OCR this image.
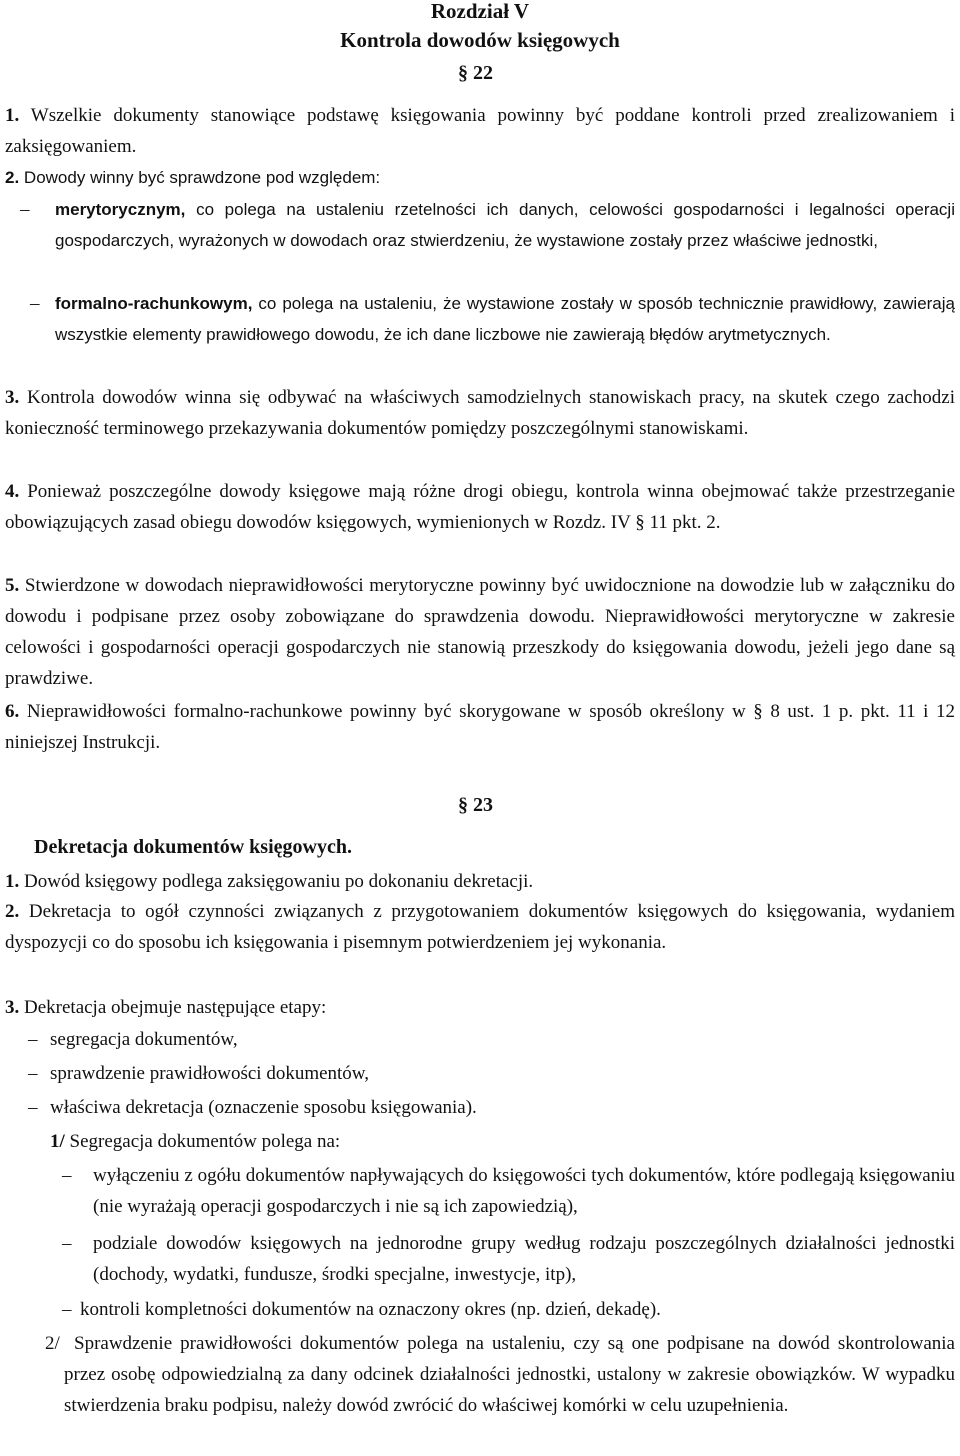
Rozdział V
Kontrola dowodów księgowych
§ 22
1. Wszelkie dokumenty stanowiące podstawę księgowania powinny być poddane kontroli przed zrealizowaniem i zaksięgowaniem.
2. Dowody winny być sprawdzone pod względem:
– merytorycznym, co polega na ustaleniu rzetelności ich danych, celowości gospodarności i legalności operacji gospodarczych, wyrażonych w dowodach oraz stwierdzeniu, że wystawione zostały przez właściwe jednostki,
– formalno-rachunkowym, co polega na ustaleniu, że wystawione zostały w sposób technicznie prawidłowy, zawierają wszystkie elementy prawidłowego dowodu, że ich dane liczbowe nie zawierają błędów arytmetycznych.
3. Kontrola dowodów winna się odbywać na właściwych samodzielnych stanowiskach pracy, na skutek czego zachodzi konieczność terminowego przekazywania dokumentów pomiędzy poszczególnymi stanowiskami.
4. Ponieważ poszczególne dowody księgowe mają różne drogi obiegu, kontrola winna obejmować także przestrzeganie obowiązujących zasad obiegu dowodów księgowych, wymienionych w Rozdz. IV § 11 pkt. 2.
5. Stwierdzone w dowodach nieprawidłowości merytoryczne powinny być uwidocznione na dowodzie lub w załączniku do dowodu i podpisane przez osoby zobowiązane do sprawdzenia dowodu. Nieprawidłowości merytoryczne w zakresie celowości i gospodarności operacji gospodarczych nie stanowią przeszkody do księgowania dowodu, jeżeli jego dane są prawdziwe.
6. Nieprawidłowości formalno-rachunkowe powinny być skorygowane w sposób określony w § 8 ust. 1 p. pkt. 11 i 12 niniejszej Instrukcji.
§ 23
Dekretacja dokumentów księgowych.
1. Dowód księgowy podlega zaksięgowaniu po dokonaniu dekretacji.
2. Dekretacja to ogół czynności związanych z przygotowaniem dokumentów księgowych do księgowania, wydaniem dyspozycji co do sposobu ich księgowania i pisemnym potwierdzeniem jej wykonania.
3. Dekretacja obejmuje następujące etapy:
– segregacja dokumentów,
– sprawdzenie prawidłowości dokumentów,
– właściwa dekretacja (oznaczenie sposobu księgowania).
1/ Segregacja dokumentów polega na:
– wyłączeniu z ogółu dokumentów napływających do księgowości tych dokumentów, które podlegają księgowaniu (nie wyrażają operacji gospodarczych i nie są ich zapowiedzią),
– podziale dowodów księgowych na jednorodne grupy według rodzaju poszczególnych działalności jednostki (dochody, wydatki, fundusze, środki specjalne, inwestycje, itp),
– kontroli kompletności dokumentów na oznaczony okres (np. dzień, dekadę).
2/ Sprawdzenie prawidłowości dokumentów polega na ustaleniu, czy są one podpisane na dowód skontrolowania przez osobę odpowiedzialną za dany odcinek działalności jednostki, ustalony w zakresie obowiązków. W wypadku stwierdzenia braku podpisu, należy dowód zwrócić do właściwej komórki w celu uzupełnienia.
